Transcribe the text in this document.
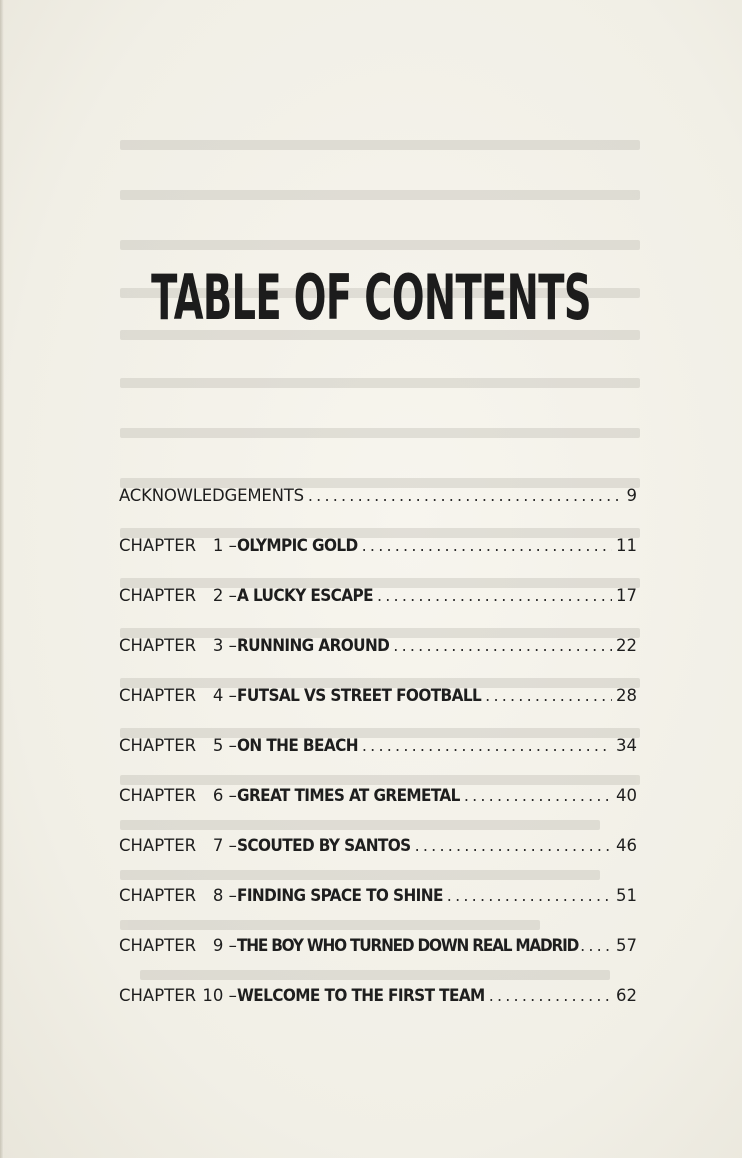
TABLE OF CONTENTS
ACKNOWLEDGEMENTS .....	9
CHAPTER 1 – OLYMPIC GOLD .....	11
CHAPTER 2 – A LUCKY ESCAPE .....	17
CHAPTER 3 – RUNNING AROUND .....	22
CHAPTER 4 – FUTSAL VS STREET FOOTBALL .....	28
CHAPTER 5 – ON THE BEACH .....	34
CHAPTER 6 – GREAT TIMES AT GREMETAL .....	40
CHAPTER 7 – SCOUTED BY SANTOS .....	46
CHAPTER 8 – FINDING SPACE TO SHINE .....	51
CHAPTER 9 – THE BOY WHO TURNED DOWN REAL MADRID ..... 57
CHAPTER 10 – WELCOME TO THE FIRST TEAM .....	62
